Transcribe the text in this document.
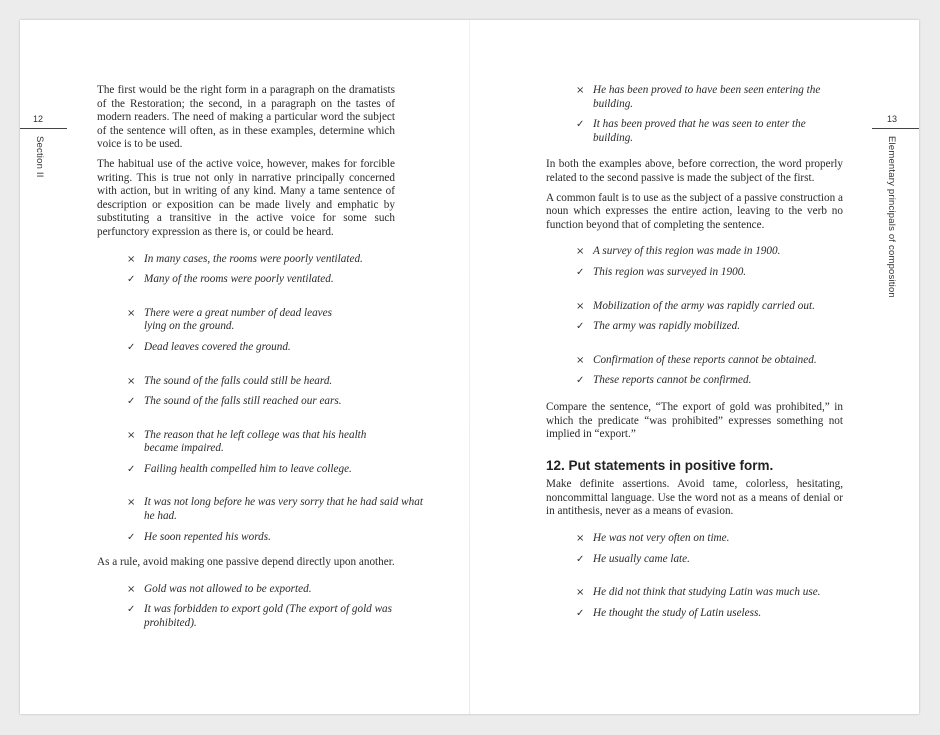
12
Section II

The first would be the right form in a paragraph on the dramatists of the Restoration; the second, in a paragraph on the tastes of modern readers. The need of making a particular word the subject of the sentence will often, as in these examples, determine which voice is to be used.

The habitual use of the active voice, however, makes for forcible writing. This is true not only in narrative principally concerned with action, but in writing of any kind. Many a tame sentence of description or exposition can be made lively and emphatic by substituting a transitive in the active voice for some such perfunctory expression as there is, or could be heard.

× In many cases, the rooms were poorly ventilated.

✓ Many of the rooms were poorly ventilated.

× There were a great number of dead leaves lying on the ground.

✓ Dead leaves covered the ground.

× The sound of the falls could still be heard.

✓ The sound of the falls still reached our ears.

× The reason that he left college was that his health became impaired.

✓ Failing health compelled him to leave college.

× It was not long before he was very sorry that he had said what he had.

✓ He soon repented his words.

As a rule, avoid making one passive depend directly upon another.

× Gold was not allowed to be exported.

✓ It was forbidden to export gold (The export of gold was prohibited).

13
Elementary principals of composition

× He has been proved to have been seen entering the building.

✓ It has been proved that he was seen to enter the building.

In both the examples above, before correction, the word properly related to the second passive is made the subject of the first.

A common fault is to use as the subject of a passive construction a noun which expresses the entire action, leaving to the verb no function beyond that of completing the sentence.

× A survey of this region was made in 1900.

✓ This region was surveyed in 1900.

× Mobilization of the army was rapidly carried out.

✓ The army was rapidly mobilized.

× Confirmation of these reports cannot be obtained.

✓ These reports cannot be confirmed.

Compare the sentence, “The export of gold was prohibited,” in which the predicate “was prohibited” expresses something not implied in “export.”

12. Put statements in positive form.

Make definite assertions. Avoid tame, colorless, hesitating, noncommittal language. Use the word not as a means of denial or in antithesis, never as a means of evasion.

× He was not very often on time.

✓ He usually came late.

× He did not think that studying Latin was much use.

✓ He thought the study of Latin useless.
